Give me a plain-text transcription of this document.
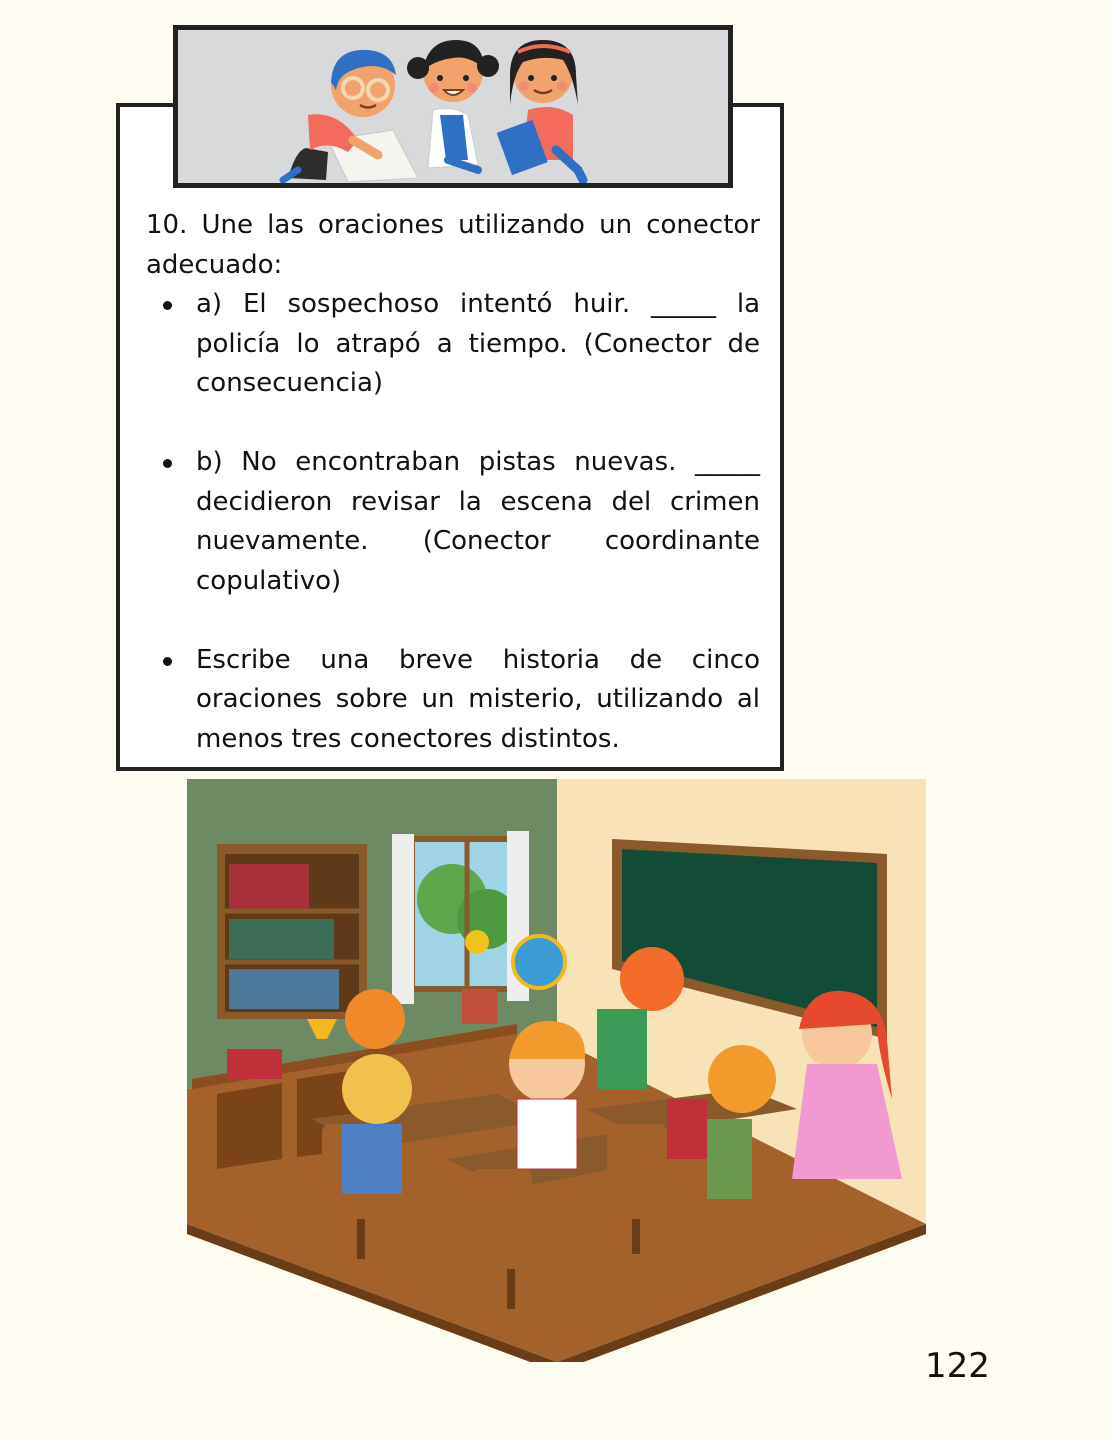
10. Une las oraciones utilizando un conector adecuado:

a) El sospechoso intentó huir. _____ la policía lo atrapó a tiempo. (Conector de consecuencia)
b) No encontraban pistas nuevas. _____ decidieron revisar la escena del crimen nuevamente. (Conector coordinante copulativo)
Escribe una breve historia de cinco oraciones sobre un misterio, utilizando al menos tres conectores distintos.
122
